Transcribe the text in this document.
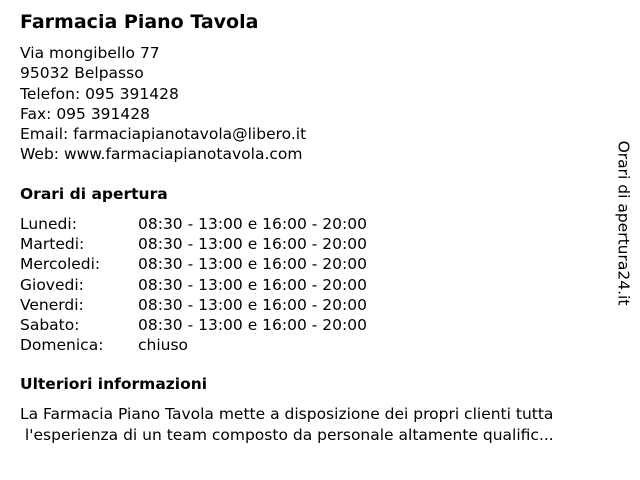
Farmacia Piano Tavola
Via mongibello 77
95032 Belpasso
Telefon: 095 391428
Fax: 095 391428
Email: farmaciapianotavola@libero.it
Web: www.farmaciapianotavola.com
Orari di apertura
Lunedi:	08:30 - 13:00 e 16:00 - 20:00
Martedi:	08:30 - 13:00 e 16:00 - 20:00
Mercoledi:	08:30 - 13:00 e 16:00 - 20:00
Giovedi:	08:30 - 13:00 e 16:00 - 20:00
Venerdi:	08:30 - 13:00 e 16:00 - 20:00
Sabato:	08:30 - 13:00 e 16:00 - 20:00
Domenica:	chiuso
Ulteriori informazioni
La Farmacia Piano Tavola mette a disposizione dei propri clienti tutta
l'esperienza di un team composto da personale altamente qualific...
Orari di apertura24.it
